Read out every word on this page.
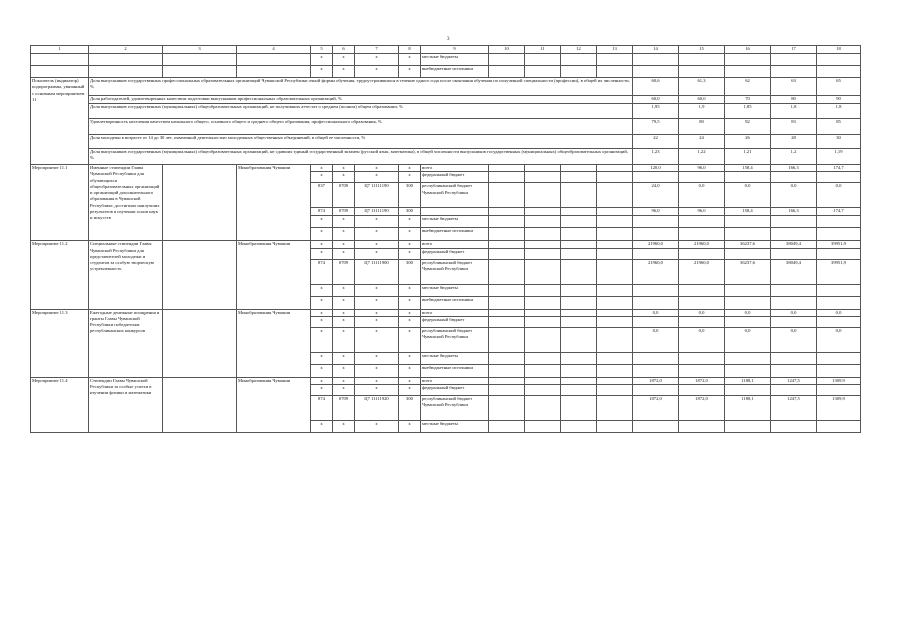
3
1	2	3	4	5	6	7	8	9	10	11	12	13	14	15	16	17	18
				x	x	x	x	местные бюджеты									
				x	x	x	x	внебюджетные источники									
Показатель (индикатор) подпрограммы, увязанный с основным мероприятием 11	Доля выпускников государственных профессиональных образовательных организаций Чувашской Республики очной формы обучения, трудоустроившихся в течение одного года после окончания обучения по полученной специальности (профессии), в общей их численности, %												60,6	61,3	62	63	65
	Доля работодателей, удовлетворенных качеством подготовки выпускников профессиональных образовательных организаций, %												60,0	60,0	70	80	90
	Доля выпускников государственных (муниципальных) общеобразовательных организаций, не получивших аттестат о среднем (полном) общем образовании, %												1,95	1,9	1,85	1,8	1,8
	Удовлетворенность населения качеством начального общего, основного общего и среднего общего образования, профессионального образования, %												79,5	80	82	83	85
	Доля молодежи в возрасте от 14 до 30 лет, охваченной деятельностью молодежных общественных объединений, в общей ее численности, %												22	24	26	28	30
	Доля выпускников государственных (муниципальных) общеобразовательных организаций, не сдавших единый государственный экзамен (русский язык, математика), в общей численности выпускников государственных (муниципальных) общеобразовательных организаций, %												1,23	1,22	1,21	1,2	1,19
Мероприятие 11.1	Именные стипендии Главы Чувашской Республики для обучающихся общеобразовательных организаций и организаций дополнительного образования в Чувашской Республике, достигших наилучших результатов в изучении основ наук и искусств		Минобразования Чувашии	x	x	x	x	всего					120,0	96,0	158,4	166,3	174,7
				x	x	x	x	федеральный бюджет									
				837	0709	Ц7 11111190	300	республиканский бюджет Чувашской Республики					24,0	0,0	0,0	0,0	0,0
				874	0709	Ц7 11111190	300						96,0	96,0	158,4	166,3	174,7
				x	x	x	x	местные бюджеты									
				x	x	x	x	внебюджетные источники									
Мероприятие 11.2	Специальные стипендии Главы Чувашской Республики для представителей молодежи и студентов за особую творческую устремленность		Минобразования Чувашии	x	x	x	x	всего					21960,0	21960,0	36237,6	38049,4	39951,9
				x	x	x	x	федеральный бюджет									
				874	0709	Ц7 11111900	300	республиканский бюджет Чувашской Республики					21960,0	21960,0	36237,6	38049,4	39951,9
				x	x	x	x	местные бюджеты									
				x	x	x	x	внебюджетные источники									
Мероприятие 11.3	Ежегодные денежные поощрения и гранты Главы Чувашской Республики победителям республиканских конкурсов		Минобразования Чувашии	x	x	x	x	всего					0,0	0,0	0,0	0,0	0,0
				x	x	x	x	федеральный бюджет									
				x	x	x	x	республиканский бюджет Чувашской Республики					0,0	0,0	0,0	0,0	0,0
				x	x	x	x	местные бюджеты									
				x	x	x	x	внебюджетные источники									
Мероприятие 11.4	Стипендии Главы Чувашской Республики за особые успехи в изучении физики и математики		Минобразования Чувашии	x	x	x	x	всего					1872,0	1872,0	1188,1	1247,5	1309,9
				x	x	x	x	федеральный бюджет									
				874	0709	Ц7 11111920	300	республиканский бюджет Чувашской Республики					1872,0	1872,0	1188,1	1247,5	1309,9
				x	x	x	x	местные бюджеты									
